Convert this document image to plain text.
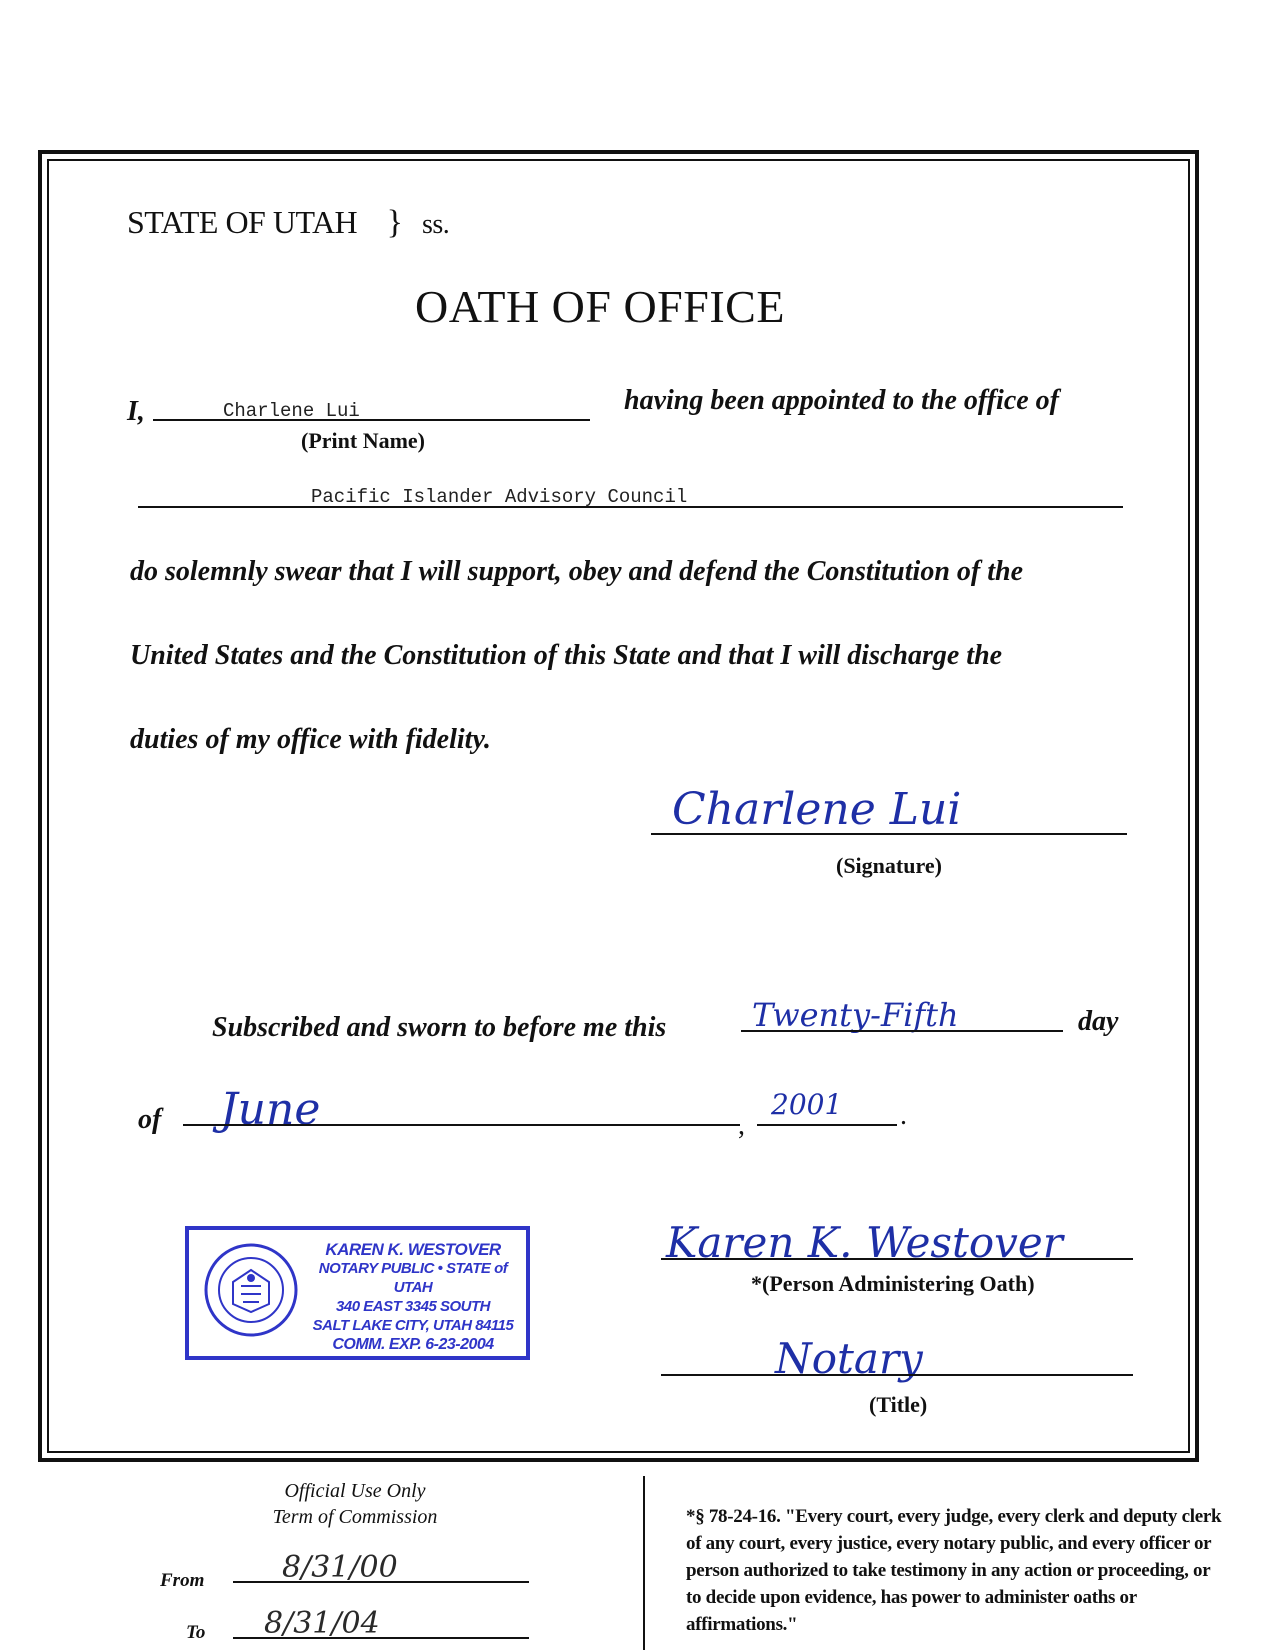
STATE OF UTAH } ss.
OATH OF OFFICE
I,	Charlene Lui	having been appointed to the office of
(Print Name)
Pacific Islander Advisory Council
do solemnly swear that I will support, obey and defend the Constitution of the
United States and the Constitution of this State and that I will discharge the
duties of my office with fidelity.
Charlene Lui
(Signature)
Subscribed and sworn to before me this	Twenty-Fifth	day
of June	,
2001 .
KAREN K. WESTOVER
NOTARY PUBLIC • STATE of UTAH
340 EAST 3345 SOUTH
SALT LAKE CITY, UTAH 84115
COMM. EXP. 6-23-2004
Karen K. Westover
*(Person Administering Oath)
Notary
(Title)
Official Use Only
Term of Commission
From	8/31/00
To 8/31/04
*§ 78-24-16. "Every court, every judge, every clerk and deputy clerk of any court, every justice, every notary public, and every officer or person authorized to take testimony in any action or proceeding, or to decide upon evidence, has power to administer oaths or affirmations."
